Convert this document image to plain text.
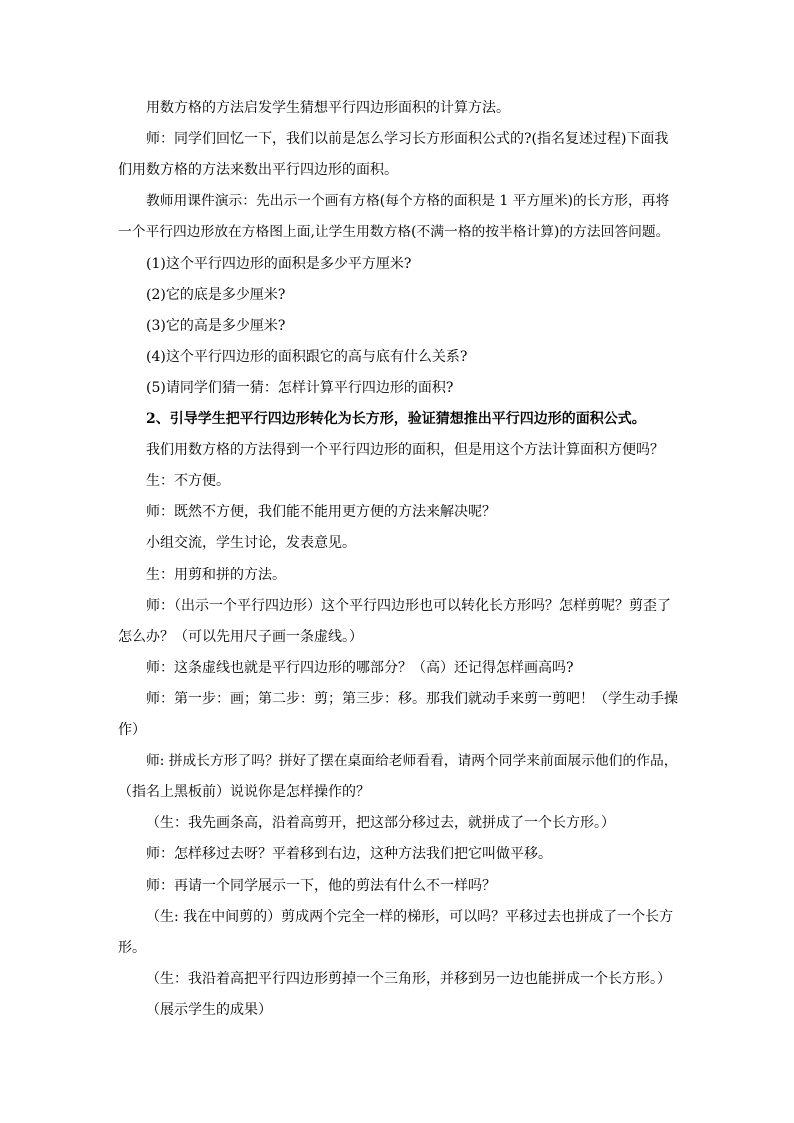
用数方格的方法启发学生猜想平行四边形面积的计算方法。
师：同学们回忆一下，我们以前是怎么学习长方形面积公式的?(指名复述过程)下面我
们用数方格的方法来数出平行四边形的面积。
教师用课件演示：先出示一个画有方格(每个方格的面积是 1 平方厘米)的长方形，再将
一个平行四边形放在方格图上面,让学生用数方格(不满一格的按半格计算)的方法回答问题。
(1)这个平行四边形的面积是多少平方厘米?
(2)它的底是多少厘米?
(3)它的高是多少厘米?
(4)这个平行四边形的面积跟它的高与底有什么关系?
(5)请同学们猜一猜：怎样计算平行四边形的面积?
2、引导学生把平行四边形转化为长方形，验证猜想推出平行四边形的面积公式。
我们用数方格的方法得到一个平行四边形的面积，但是用这个方法计算面积方便吗？
生：不方便。
师：既然不方便，我们能不能用更方便的方法来解决呢？
小组交流，学生讨论，发表意见。
生：用剪和拼的方法。
师：（出示一个平行四边形）这个平行四边形也可以转化长方形吗？怎样剪呢？剪歪了
怎么办？（可以先用尺子画一条虚线。）
师：这条虚线也就是平行四边形的哪部分？（高）还记得怎样画高吗?
师：第一步：画；第二步：剪；第三步：移。那我们就动手来剪一剪吧！（学生动手操
作）
师: 拼成长方形了吗？拼好了摆在桌面给老师看看，请两个同学来前面展示他们的作品，
（指名上黑板前）说说你是怎样操作的？
（生：我先画条高，沿着高剪开，把这部分移过去，就拼成了一个长方形。）
师：怎样移过去呀？平着移到右边，这种方法我们把它叫做平移。
师：再请一个同学展示一下，他的剪法有什么不一样吗？
（生: 我在中间剪的）剪成两个完全一样的梯形，可以吗？平移过去也拼成了一个长方
形。
（生：我沿着高把平行四边形剪掉一个三角形，并移到另一边也能拼成一个长方形。）
（展示学生的成果）
